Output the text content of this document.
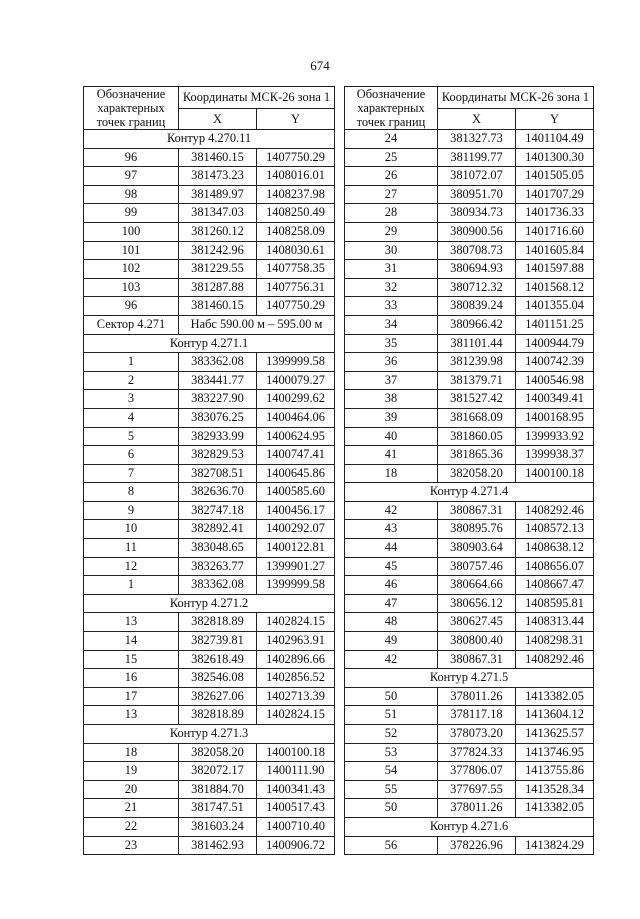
674
Обозначение характерных точек границ	Координаты МСК-26 зона 1	
	X	Y
Контур 4.270.11		
96	381460.15	1407750.29
97	381473.23	1408016.01
98	381489.97	1408237.98
99	381347.03	1408250.49
100	381260.12	1408258.09
101	381242.96	1408030.61
102	381229.55	1407758.35
103	381287.88	1407756.31
96	381460.15	1407750.29
Сектор 4.271	Набс 590.00 м – 595.00 м	
Контур 4.271.1		
1	383362.08	1399999.58
2	383441.77	1400079.27
3	383227.90	1400299.62
4	383076.25	1400464.06
5	382933.99	1400624.95
6	382829.53	1400747.41
7	382708.51	1400645.86
8	382636.70	1400585.60
9	382747.18	1400456.17
10	382892.41	1400292.07
11	383048.65	1400122.81
12	383263.77	1399901.27
1	383362.08	1399999.58
Контур 4.271.2		
13	382818.89	1402824.15
14	382739.81	1402963.91
15	382618.49	1402896.66
16	382546.08	1402856.52
17	382627.06	1402713.39
13	382818.89	1402824.15
Контур 4.271.3		
18	382058.20	1400100.18
19	382072.17	1400111.90
20	381884.70	1400341.43
21	381747.51	1400517.43
22	381603.24	1400710.40
23	381462.93	1400906.72
Обозначение характерных точек границ	Координаты МСК-26 зона 1	
	X	Y
24	381327.73	1401104.49
25	381199.77	1401300.30
26	381072.07	1401505.05
27	380951.70	1401707.29
28	380934.73	1401736.33
29	380900.56	1401716.60
30	380708.73	1401605.84
31	380694.93	1401597.88
32	380712.32	1401568.12
33	380839.24	1401355.04
34	380966.42	1401151.25
35	381101.44	1400944.79
36	381239.98	1400742.39
37	381379.71	1400546.98
38	381527.42	1400349.41
39	381668.09	1400168.95
40	381860.05	1399933.92
41	381865.36	1399938.37
18	382058.20	1400100.18
Контур 4.271.4		
42	380867.31	1408292.46
43	380895.76	1408572.13
44	380903.64	1408638.12
45	380757.46	1408656.07
46	380664.66	1408667.47
47	380656.12	1408595.81
48	380627.45	1408313.44
49	380800.40	1408298.31
42	380867.31	1408292.46
Контур 4.271.5		
50	378011.26	1413382.05
51	378117.18	1413604.12
52	378073.20	1413625.57
53	377824.33	1413746.95
54	377806.07	1413755.86
55	377697.55	1413528.34
50	378011.26	1413382.05
Контур 4.271.6		
56	378226.96	1413824.29
